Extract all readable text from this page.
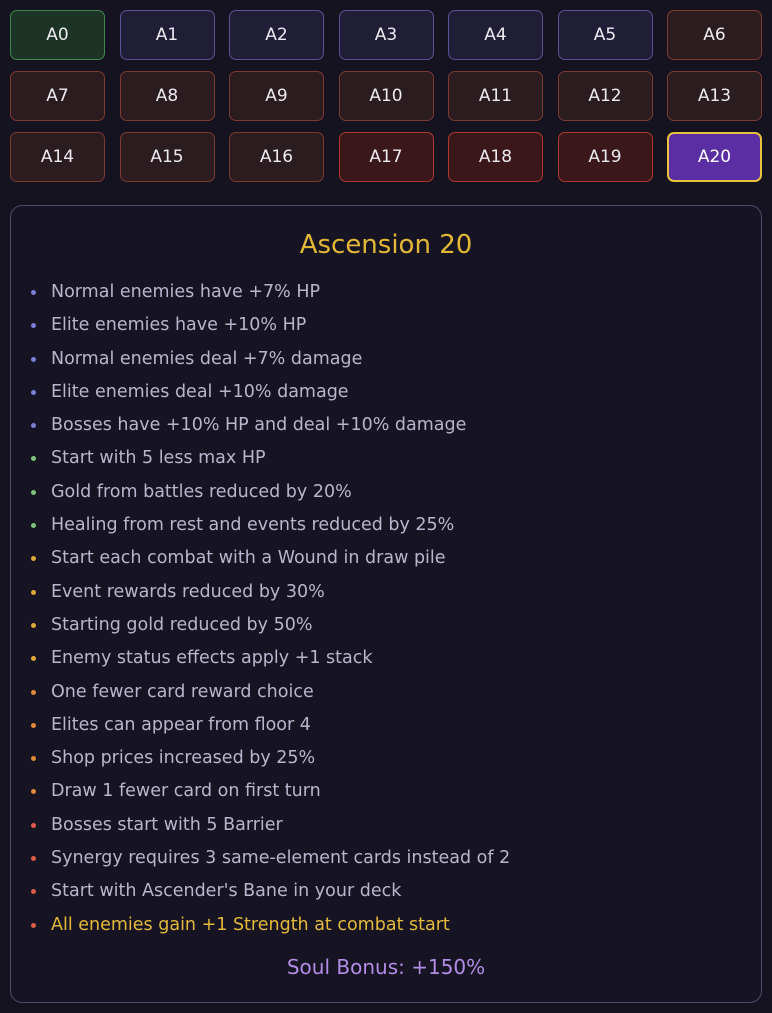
A0	A1	A2	A3	A4	A5	A6
A7	A8	A9	A10	A11	A12	A13
A14	A15	A16	A17	A18	A19	A20
Ascension 20
Normal enemies have +7% HP
Elite enemies have +10% HP
Normal enemies deal +7% damage
Elite enemies deal +10% damage
Bosses have +10% HP and deal +10% damage
Start with 5 less max HP
Gold from battles reduced by 20%
Healing from rest and events reduced by 25%
Start each combat with a Wound in draw pile
Event rewards reduced by 30%
Starting gold reduced by 50%
Enemy status effects apply +1 stack
One fewer card reward choice
Elites can appear from floor 4
Shop prices increased by 25%
Draw 1 fewer card on first turn
Bosses start with 5 Barrier
Synergy requires 3 same-element cards instead of 2
Start with Ascender's Bane in your deck
All enemies gain +1 Strength at combat start
Soul Bonus: +150%
